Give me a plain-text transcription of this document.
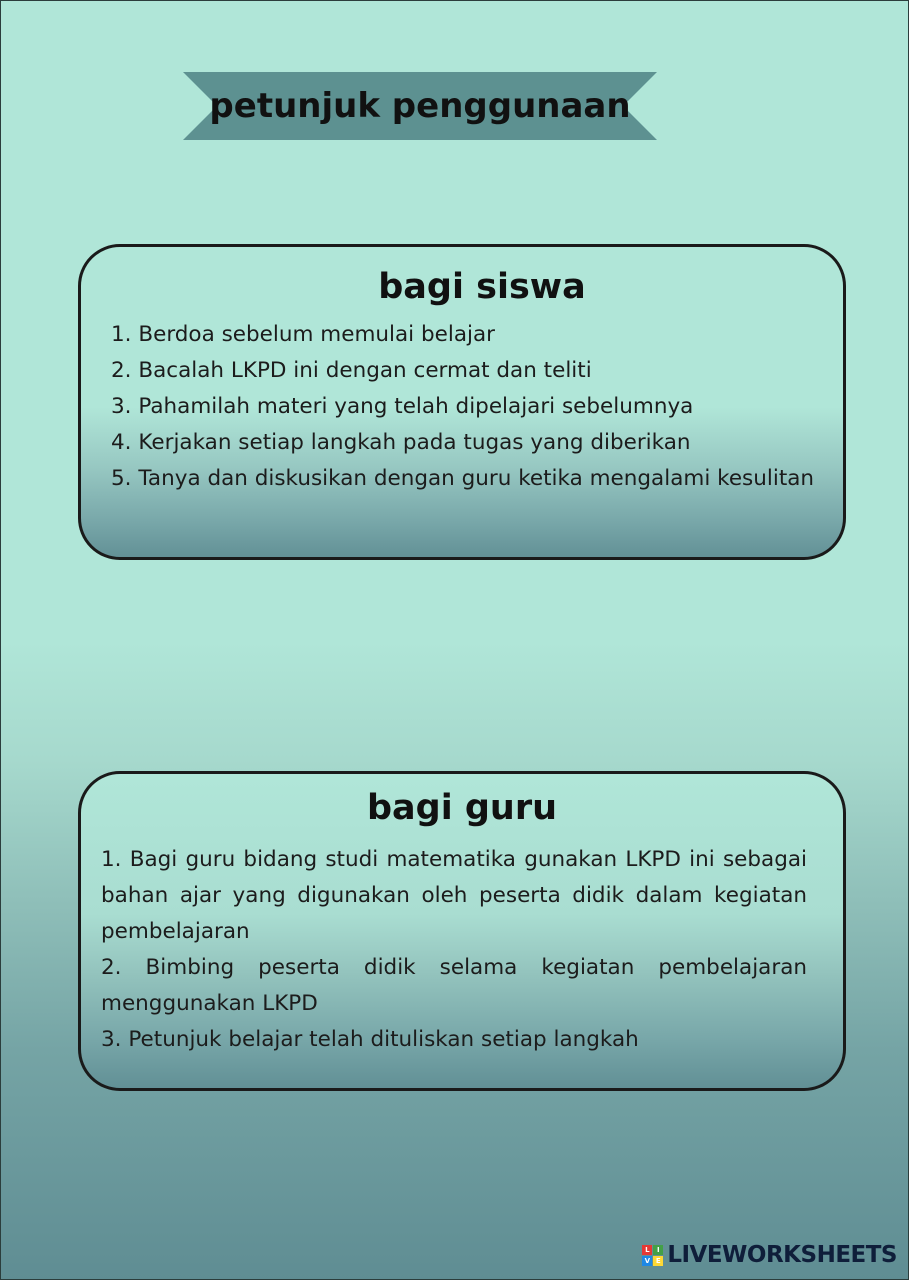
petunjuk penggunaan
bagi siswa
1. Berdoa sebelum memulai belajar
2. Bacalah LKPD ini dengan cermat dan teliti
3. Pahamilah materi yang telah dipelajari sebelumnya
4. Kerjakan setiap langkah pada tugas yang diberikan
5. Tanya dan diskusikan dengan guru ketika mengalami kesulitan
bagi guru
1. Bagi guru bidang studi matematika gunakan LKPD ini sebagai bahan ajar yang digunakan oleh peserta didik dalam kegiatan pembelajaran
2. Bimbing peserta didik selama kegiatan pembelajaran menggunakan LKPD
3. Petunjuk belajar telah dituliskan setiap langkah
L	I
V E LIVEWORKSHEETS
